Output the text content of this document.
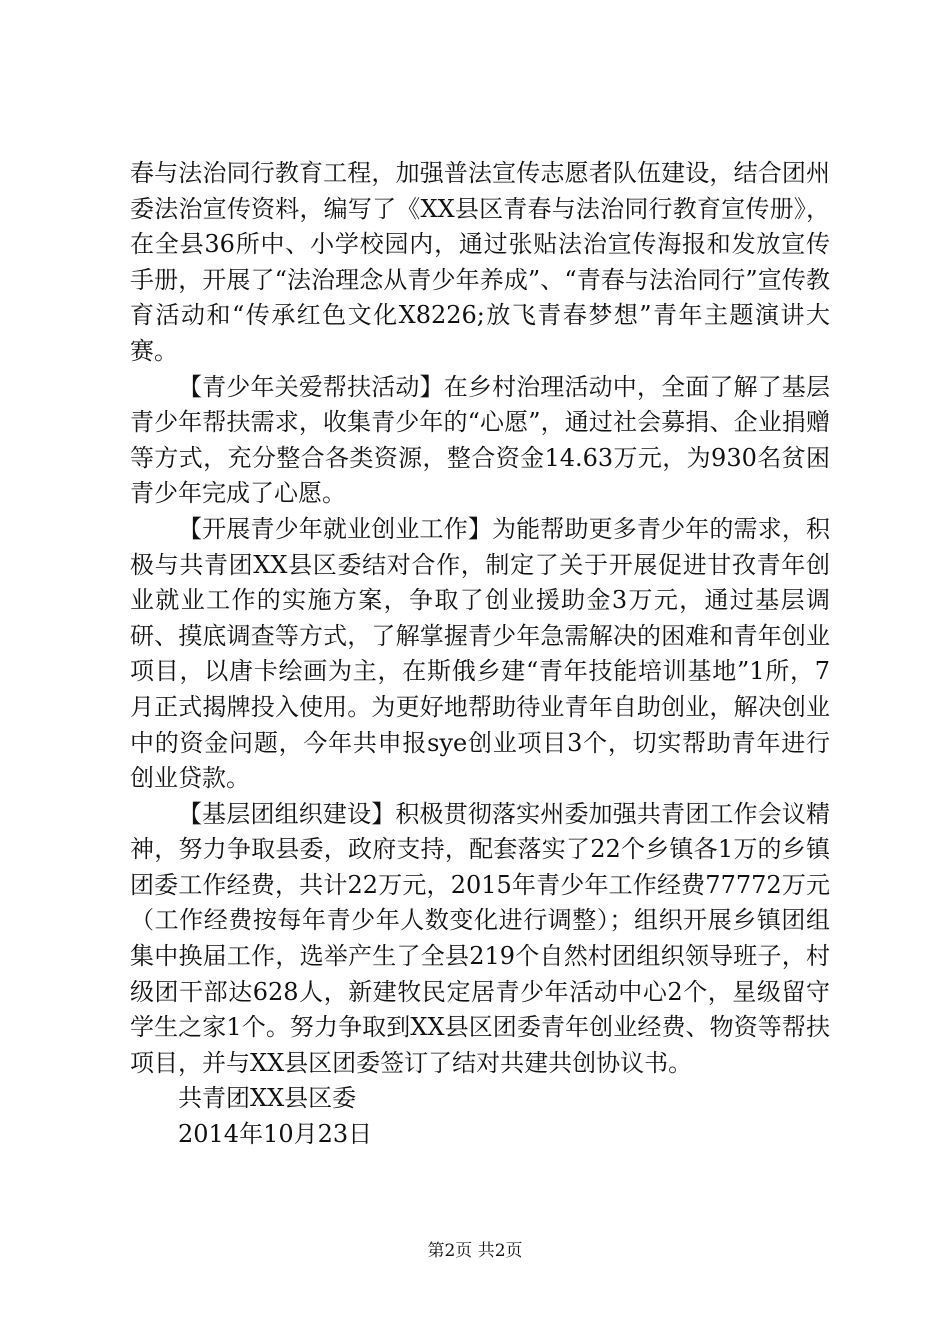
春与法治同行教育工程，加强普法宣传志愿者队伍建设，结合团州委法治宣传资料，编写了《XX县区青春与法治同行教育宣传册》，在全县36所中、小学校园内，通过张贴法治宣传海报和发放宣传手册，开展了“法治理念从青少年养成”、“青春与法治同行”宣传教育活动和“传承红色文化X8226;放飞青春梦想”青年主题演讲大赛。

【青少年关爱帮扶活动】在乡村治理活动中，全面了解了基层青少年帮扶需求，收集青少年的“心愿”，通过社会募捐、企业捐赠等方式，充分整合各类资源，整合资金14.63万元，为930名贫困青少年完成了心愿。

【开展青少年就业创业工作】为能帮助更多青少年的需求，积极与共青团XX县区委结对合作，制定了关于开展促进甘孜青年创业就业工作的实施方案，争取了创业援助金3万元，通过基层调研、摸底调查等方式，了解掌握青少年急需解决的困难和青年创业项目，以唐卡绘画为主，在斯俄乡建“青年技能培训基地”1所，7月正式揭牌投入使用。为更好地帮助待业青年自助创业，解决创业中的资金问题，今年共申报sye创业项目3个，切实帮助青年进行创业贷款。

【基层团组织建设】积极贯彻落实州委加强共青团工作会议精神，努力争取县委，政府支持，配套落实了22个乡镇各1万的乡镇团委工作经费，共计22万元，2015年青少年工作经费77772万元（工作经费按每年青少年人数变化进行调整）；组织开展乡镇团组集中换届工作，选举产生了全县219个自然村团组织领导班子，村级团干部达628人，新建牧民定居青少年活动中心2个，星级留守学生之家1个。努力争取到XX县区团委青年创业经费、物资等帮扶项目，并与XX县区团委签订了结对共建共创协议书。

共青团XX县区委

2014年10月23日

第2页 共2页
